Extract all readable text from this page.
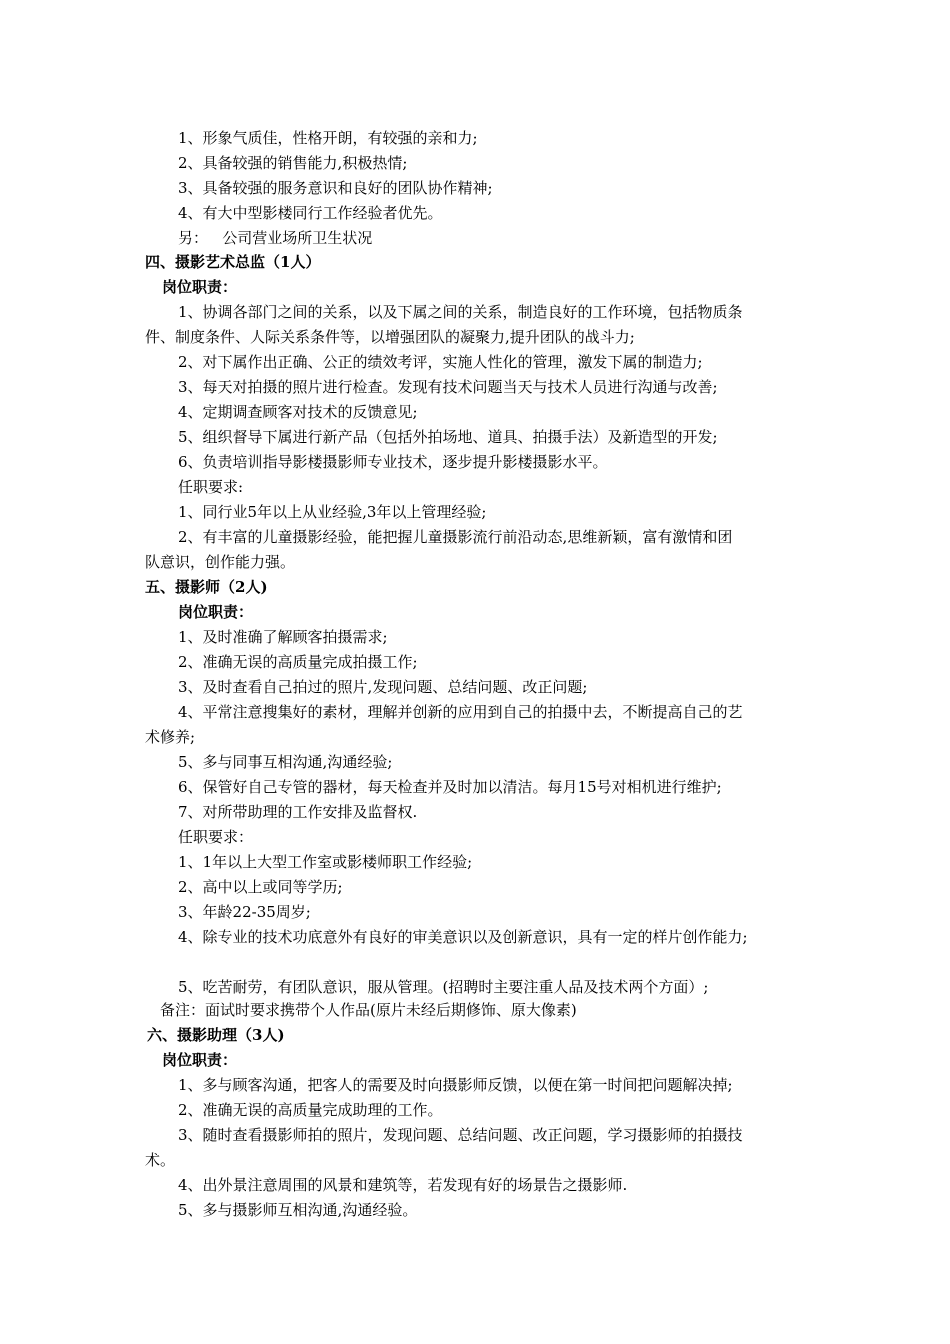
1、形象气质佳，性格开朗，有较强的亲和力;
2、具备较强的销售能力,积极热情;
3、具备较强的服务意识和良好的团队协作精神;
4、有大中型影楼同行工作经验者优先。
另：   公司营业场所卫生状况
四、摄影艺术总监（1人）
岗位职责：
1、协调各部门之间的关系，以及下属之间的关系，制造良好的工作环境，包括物质条
件、制度条件、人际关系条件等，以增强团队的凝聚力,提升团队的战斗力;
2、对下属作出正确、公正的绩效考评，实施人性化的管理，激发下属的制造力;
3、每天对拍摄的照片进行检查。发现有技术问题当天与技术人员进行沟通与改善;
4、定期调查顾客对技术的反馈意见;
5、组织督导下属进行新产品（包括外拍场地、道具、拍摄手法）及新造型的开发;
6、负责培训指导影楼摄影师专业技术，逐步提升影楼摄影水平。
任职要求:
1、同行业5年以上从业经验,3年以上管理经验;
2、有丰富的儿童摄影经验，能把握儿童摄影流行前沿动态,思维新颖，富有激情和团
队意识，创作能力强。
五、摄影师（2人)
岗位职责：
1、及时准确了解顾客拍摄需求;
2、准确无误的高质量完成拍摄工作;
3、及时查看自己拍过的照片,发现问题、总结问题、改正问题;
4、平常注意搜集好的素材，理解并创新的应用到自己的拍摄中去，不断提高自己的艺
术修养;
5、多与同事互相沟通,沟通经验;
6、保管好自己专管的器材，每天检查并及时加以清洁。每月15号对相机进行维护;
7、对所带助理的工作安排及监督权.
任职要求：
1、1年以上大型工作室或影楼师职工作经验;
2、高中以上或同等学历;
3、年龄22-35周岁;
4、除专业的技术功底意外有良好的审美意识以及创新意识，具有一定的样片创作能力;
5、吃苦耐劳，有团队意识，服从管理。(招聘时主要注重人品及技术两个方面）;
备注：面试时要求携带个人作品(原片未经后期修饰、原大像素)
六、摄影助理（3人)
岗位职责：
1、多与顾客沟通，把客人的需要及时向摄影师反馈，以便在第一时间把问题解决掉;
2、准确无误的高质量完成助理的工作。
3、随时查看摄影师拍的照片，发现问题、总结问题、改正问题，学习摄影师的拍摄技
术。
4、出外景注意周围的风景和建筑等，若发现有好的场景告之摄影师.
5、多与摄影师互相沟通,沟通经验。
